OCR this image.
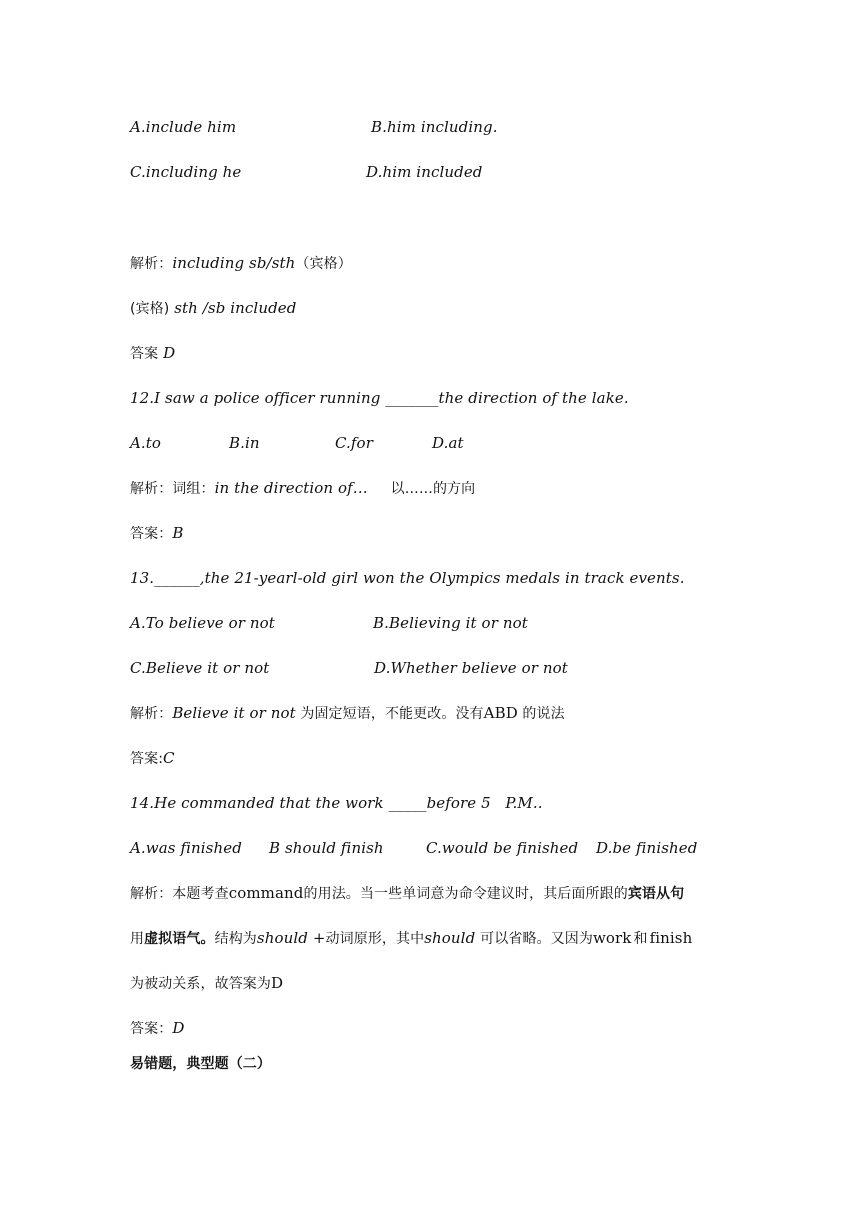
A.include him	B.him including.
C.including he	D.him included
解析：including sb/sth（宾格）
(宾格) sth /sb included
答案 D
12.I saw a police officer running _______the direction of the lake.
A.to	B.in	C.for	D.at
解析：词组：in the direction of…     以……的方向
答案：B
13.______,the 21-yearl-old girl won the Olympics medals in track events.
A.To believe or not	B.Believing it or not
C.Believe it or not	D.Whether believe or not
解析：Believe it or not 为固定短语，不能更改。没有ABD 的说法
答案:C
14.He commanded that the work _____before 5   P.M..
A.was finished B should finish	C.would be finished D.be finished
解析：本题考查command的用法。当一些单词意为命令建议时，其后面所跟的宾语从句
用虚拟语气。结构为should +动词原形，其中should 可以省略。又因为work 和 finish
为被动关系，故答案为D
答案：D
易错题，典型题（二）
